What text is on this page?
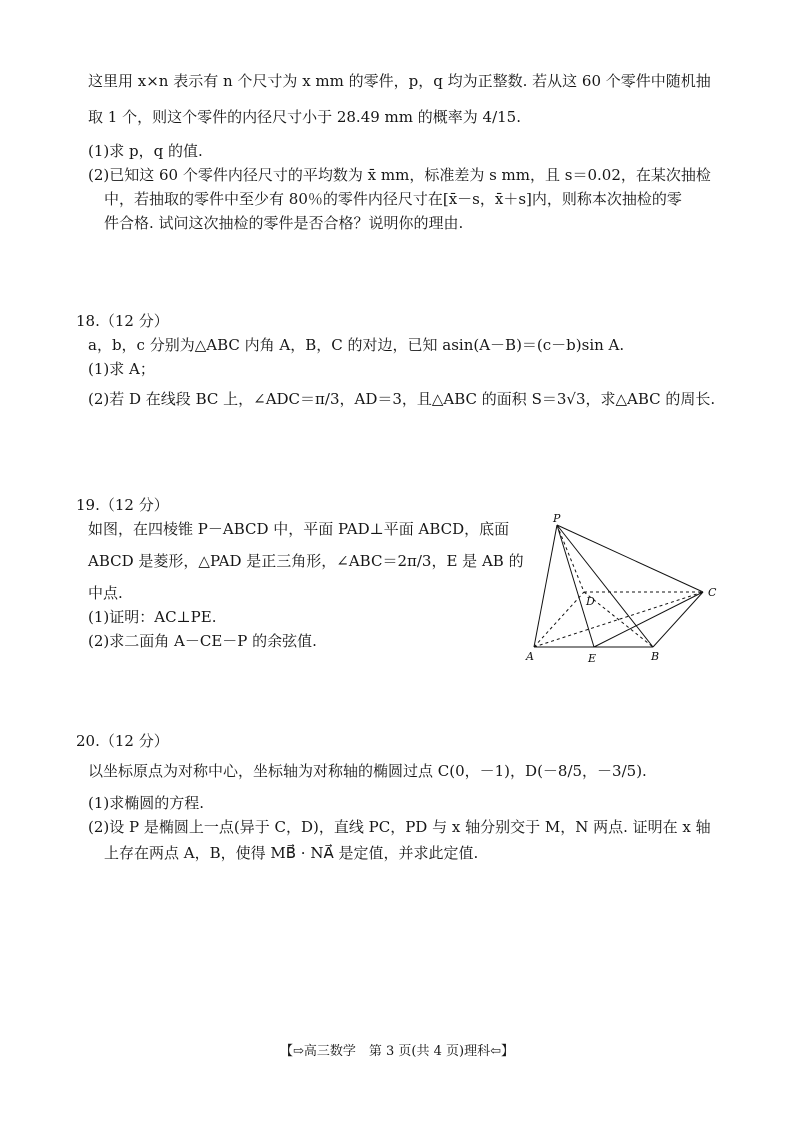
这里用 x×n 表示有 n 个尺寸为 x mm 的零件，p，q 均为正整数. 若从这 60 个零件中随机抽
取 1 个，则这个零件的内径尺寸小于 28.49 mm 的概率为 4/15.
(1)求 p，q 的值.
(2)已知这 60 个零件内径尺寸的平均数为 x̄ mm，标准差为 s mm，且 s＝0.02，在某次抽检
中，若抽取的零件中至少有 80％的零件内径尺寸在[x̄－s，x̄＋s]内，则称本次抽检的零
件合格. 试问这次抽检的零件是否合格？说明你的理由.
18.（12 分）
a，b，c 分别为△ABC 内角 A，B，C 的对边，已知 asin(A－B)＝(c－b)sin A.
(1)求 A；
(2)若 D 在线段 BC 上，∠ADC＝π/3，AD＝3，且△ABC 的面积 S＝3√3，求△ABC 的周长.
19.（12 分）
如图，在四棱锥 P－ABCD 中，平面 PAD⊥平面 ABCD，底面
ABCD 是菱形，△PAD 是正三角形，∠ABC＝2π/3，E 是 AB 的
中点.
(1)证明：AC⊥PE.
(2)求二面角 A－CE－P 的余弦值.
P
D
C
A	E	B
20.（12 分）
以坐标原点为对称中心，坐标轴为对称轴的椭圆过点 C(0，－1)，D(－8/5，－3/5).
(1)求椭圆的方程.
(2)设 P 是椭圆上一点(异于 C，D)，直线 PC，PD 与 x 轴分别交于 M，N 两点. 证明在 x 轴
上存在两点 A，B，使得 MB⃗ · NA⃗ 是定值，并求此定值.
【⇨高三数学　第 3 页(共 4 页)理科⇦】
